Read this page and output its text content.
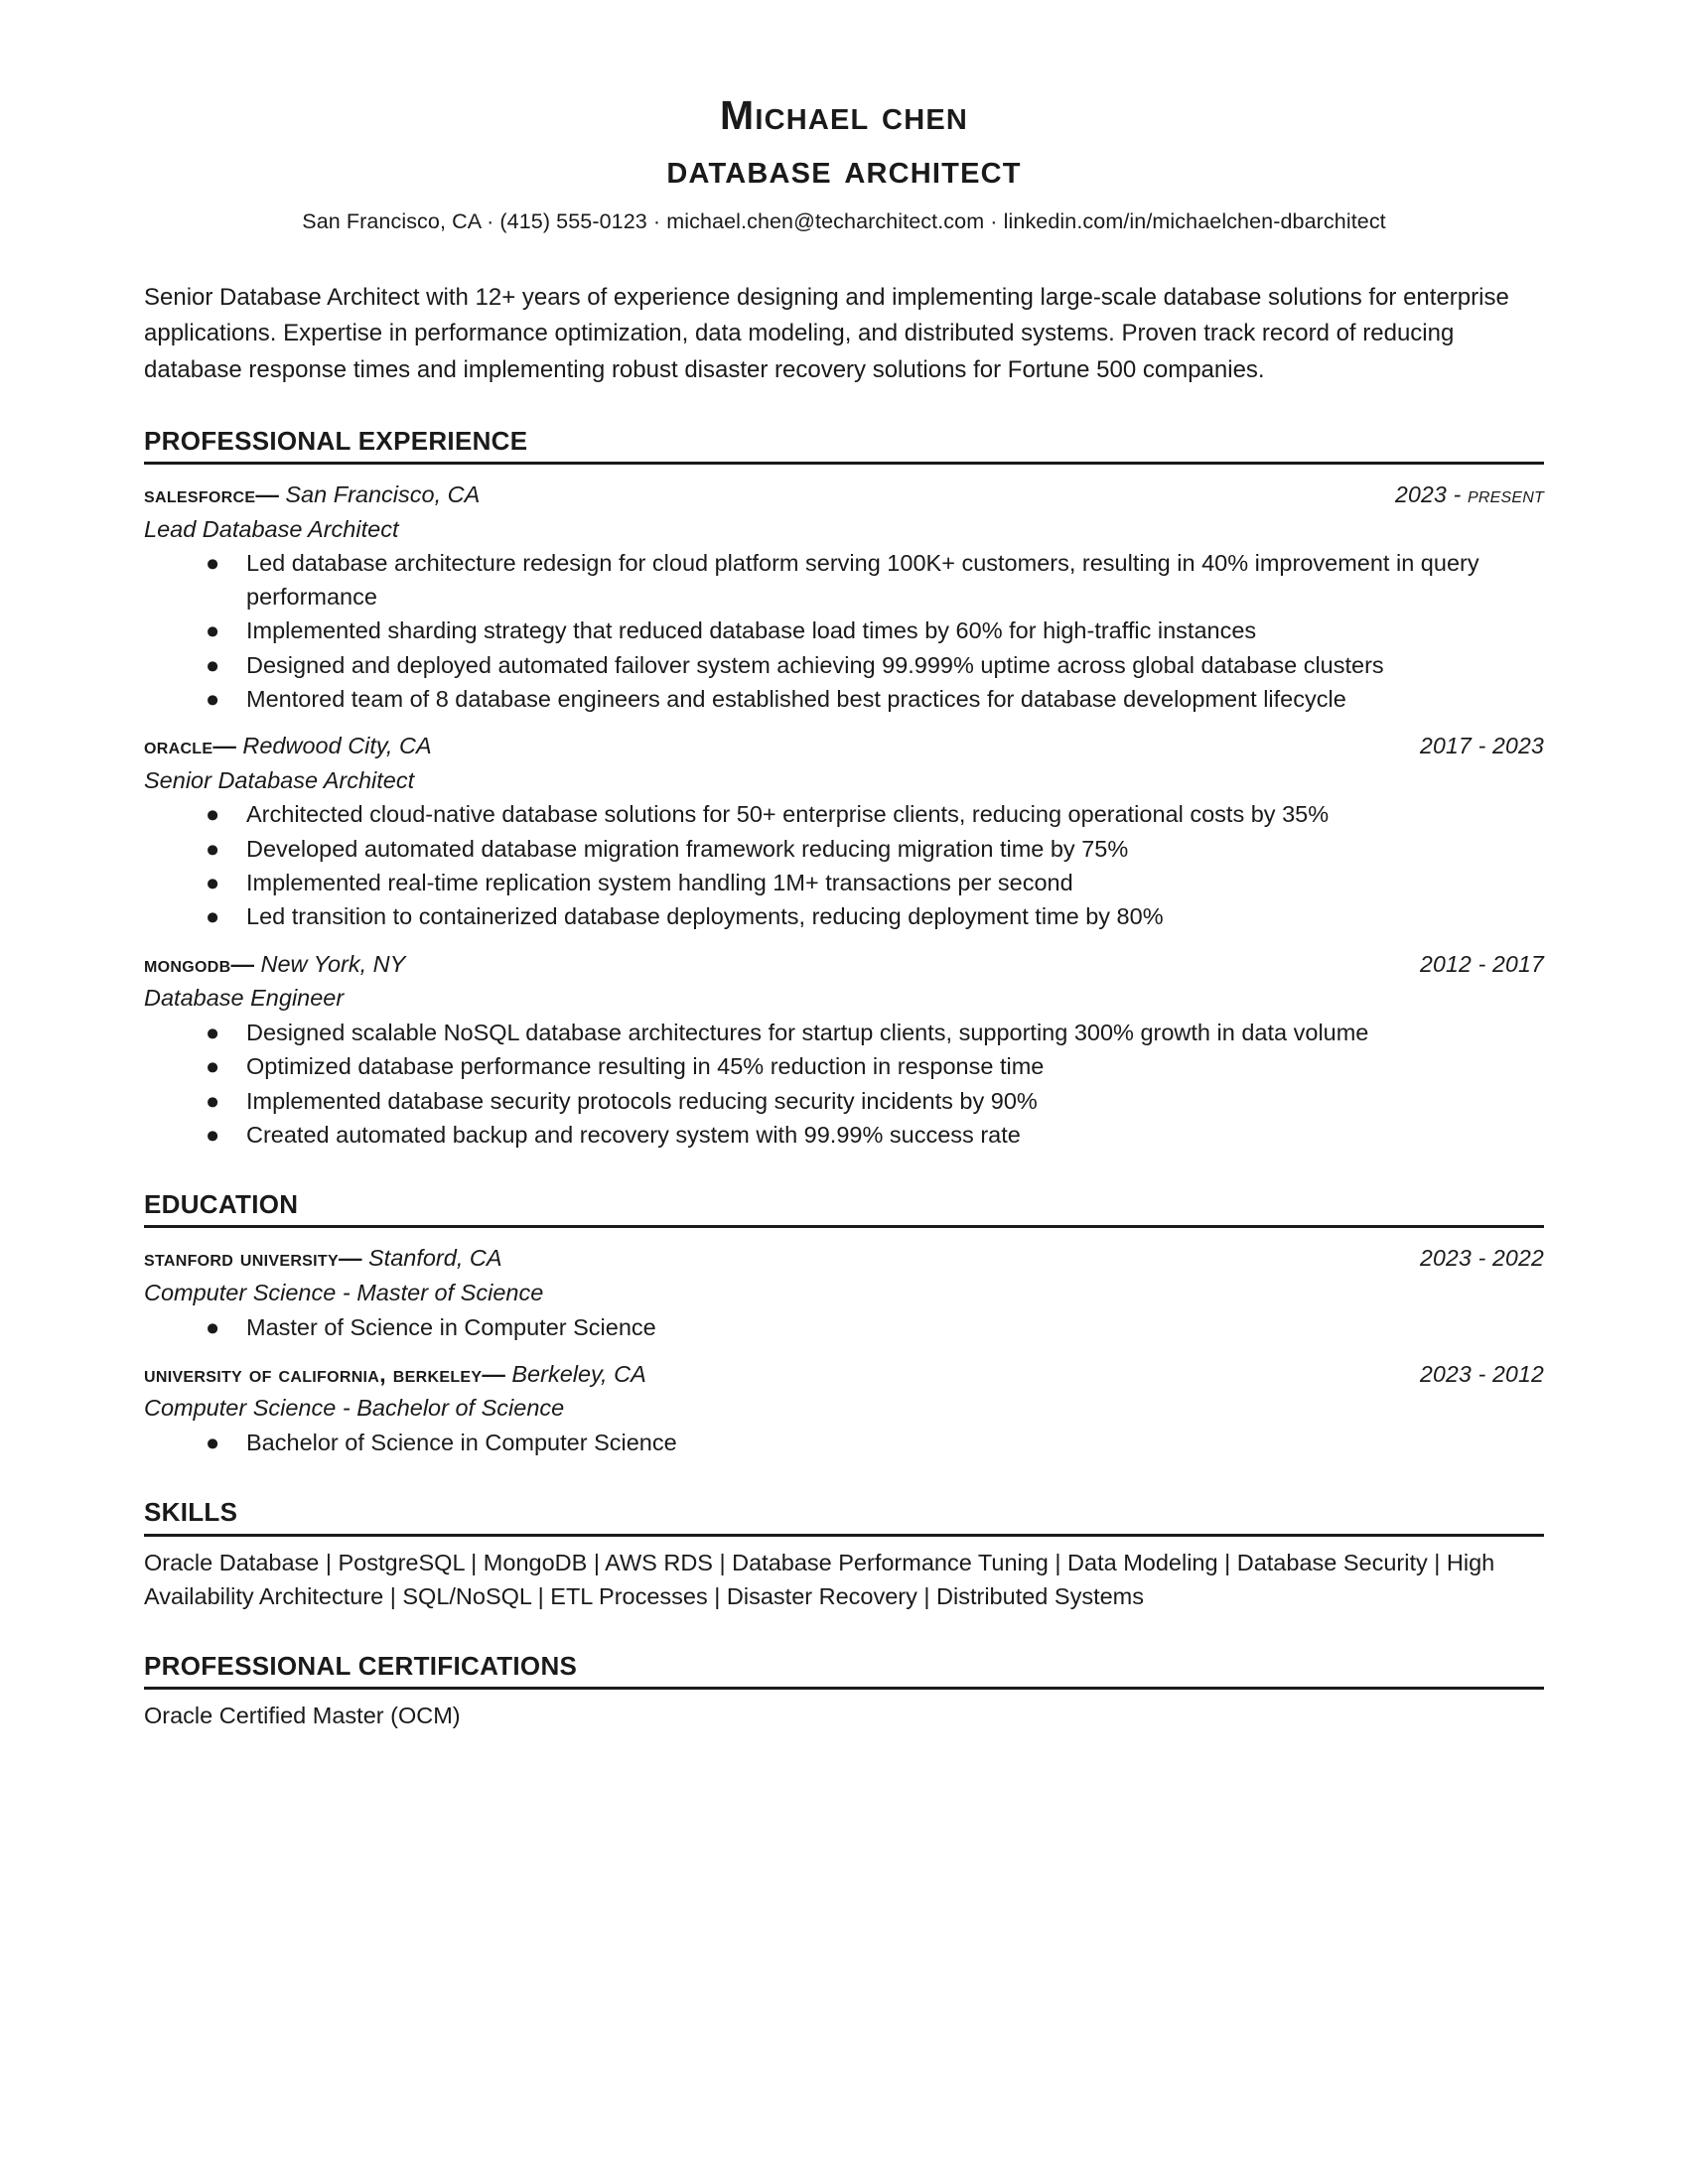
Michael chen
database architect
San Francisco, CA · (415) 555-0123 · michael.chen@techarchitect.com · linkedin.com/in/michaelchen-dbarchitect
Senior Database Architect with 12+ years of experience designing and implementing large-scale database solutions for enterprise applications. Expertise in performance optimization, data modeling, and distributed systems. Proven track record of reducing database response times and implementing robust disaster recovery solutions for Fortune 500 companies.
PROFESSIONAL EXPERIENCE
salesforce— San Francisco, CA	2023 - present
Lead Database Architect
● Led database architecture redesign for cloud platform serving 100K+ customers, resulting in 40% improvement in query performance
● Implemented sharding strategy that reduced database load times by 60% for high-traffic instances
● Designed and deployed automated failover system achieving 99.999% uptime across global database clusters
● Mentored team of 8 database engineers and established best practices for database development lifecycle
oracle— Redwood City, CA	2017 - 2023
Senior Database Architect
● Architected cloud-native database solutions for 50+ enterprise clients, reducing operational costs by 35%
● Developed automated database migration framework reducing migration time by 75%
● Implemented real-time replication system handling 1M+ transactions per second
● Led transition to containerized database deployments, reducing deployment time by 80%
mongodb— New York, NY	2012 - 2017
Database Engineer
● Designed scalable NoSQL database architectures for startup clients, supporting 300% growth in data volume
● Optimized database performance resulting in 45% reduction in response time
● Implemented database security protocols reducing security incidents by 90%
● Created automated backup and recovery system with 99.99% success rate
EDUCATION
stanford university— Stanford, CA	2023 - 2022
Computer Science - Master of Science
● Master of Science in Computer Science
university of california, berkeley— Berkeley, CA	2023 - 2012
Computer Science - Bachelor of Science
● Bachelor of Science in Computer Science
SKILLS
Oracle Database | PostgreSQL | MongoDB | AWS RDS | Database Performance Tuning | Data Modeling | Database Security | High Availability Architecture | SQL/NoSQL | ETL Processes | Disaster Recovery | Distributed Systems
PROFESSIONAL CERTIFICATIONS
Oracle Certified Master (OCM)
